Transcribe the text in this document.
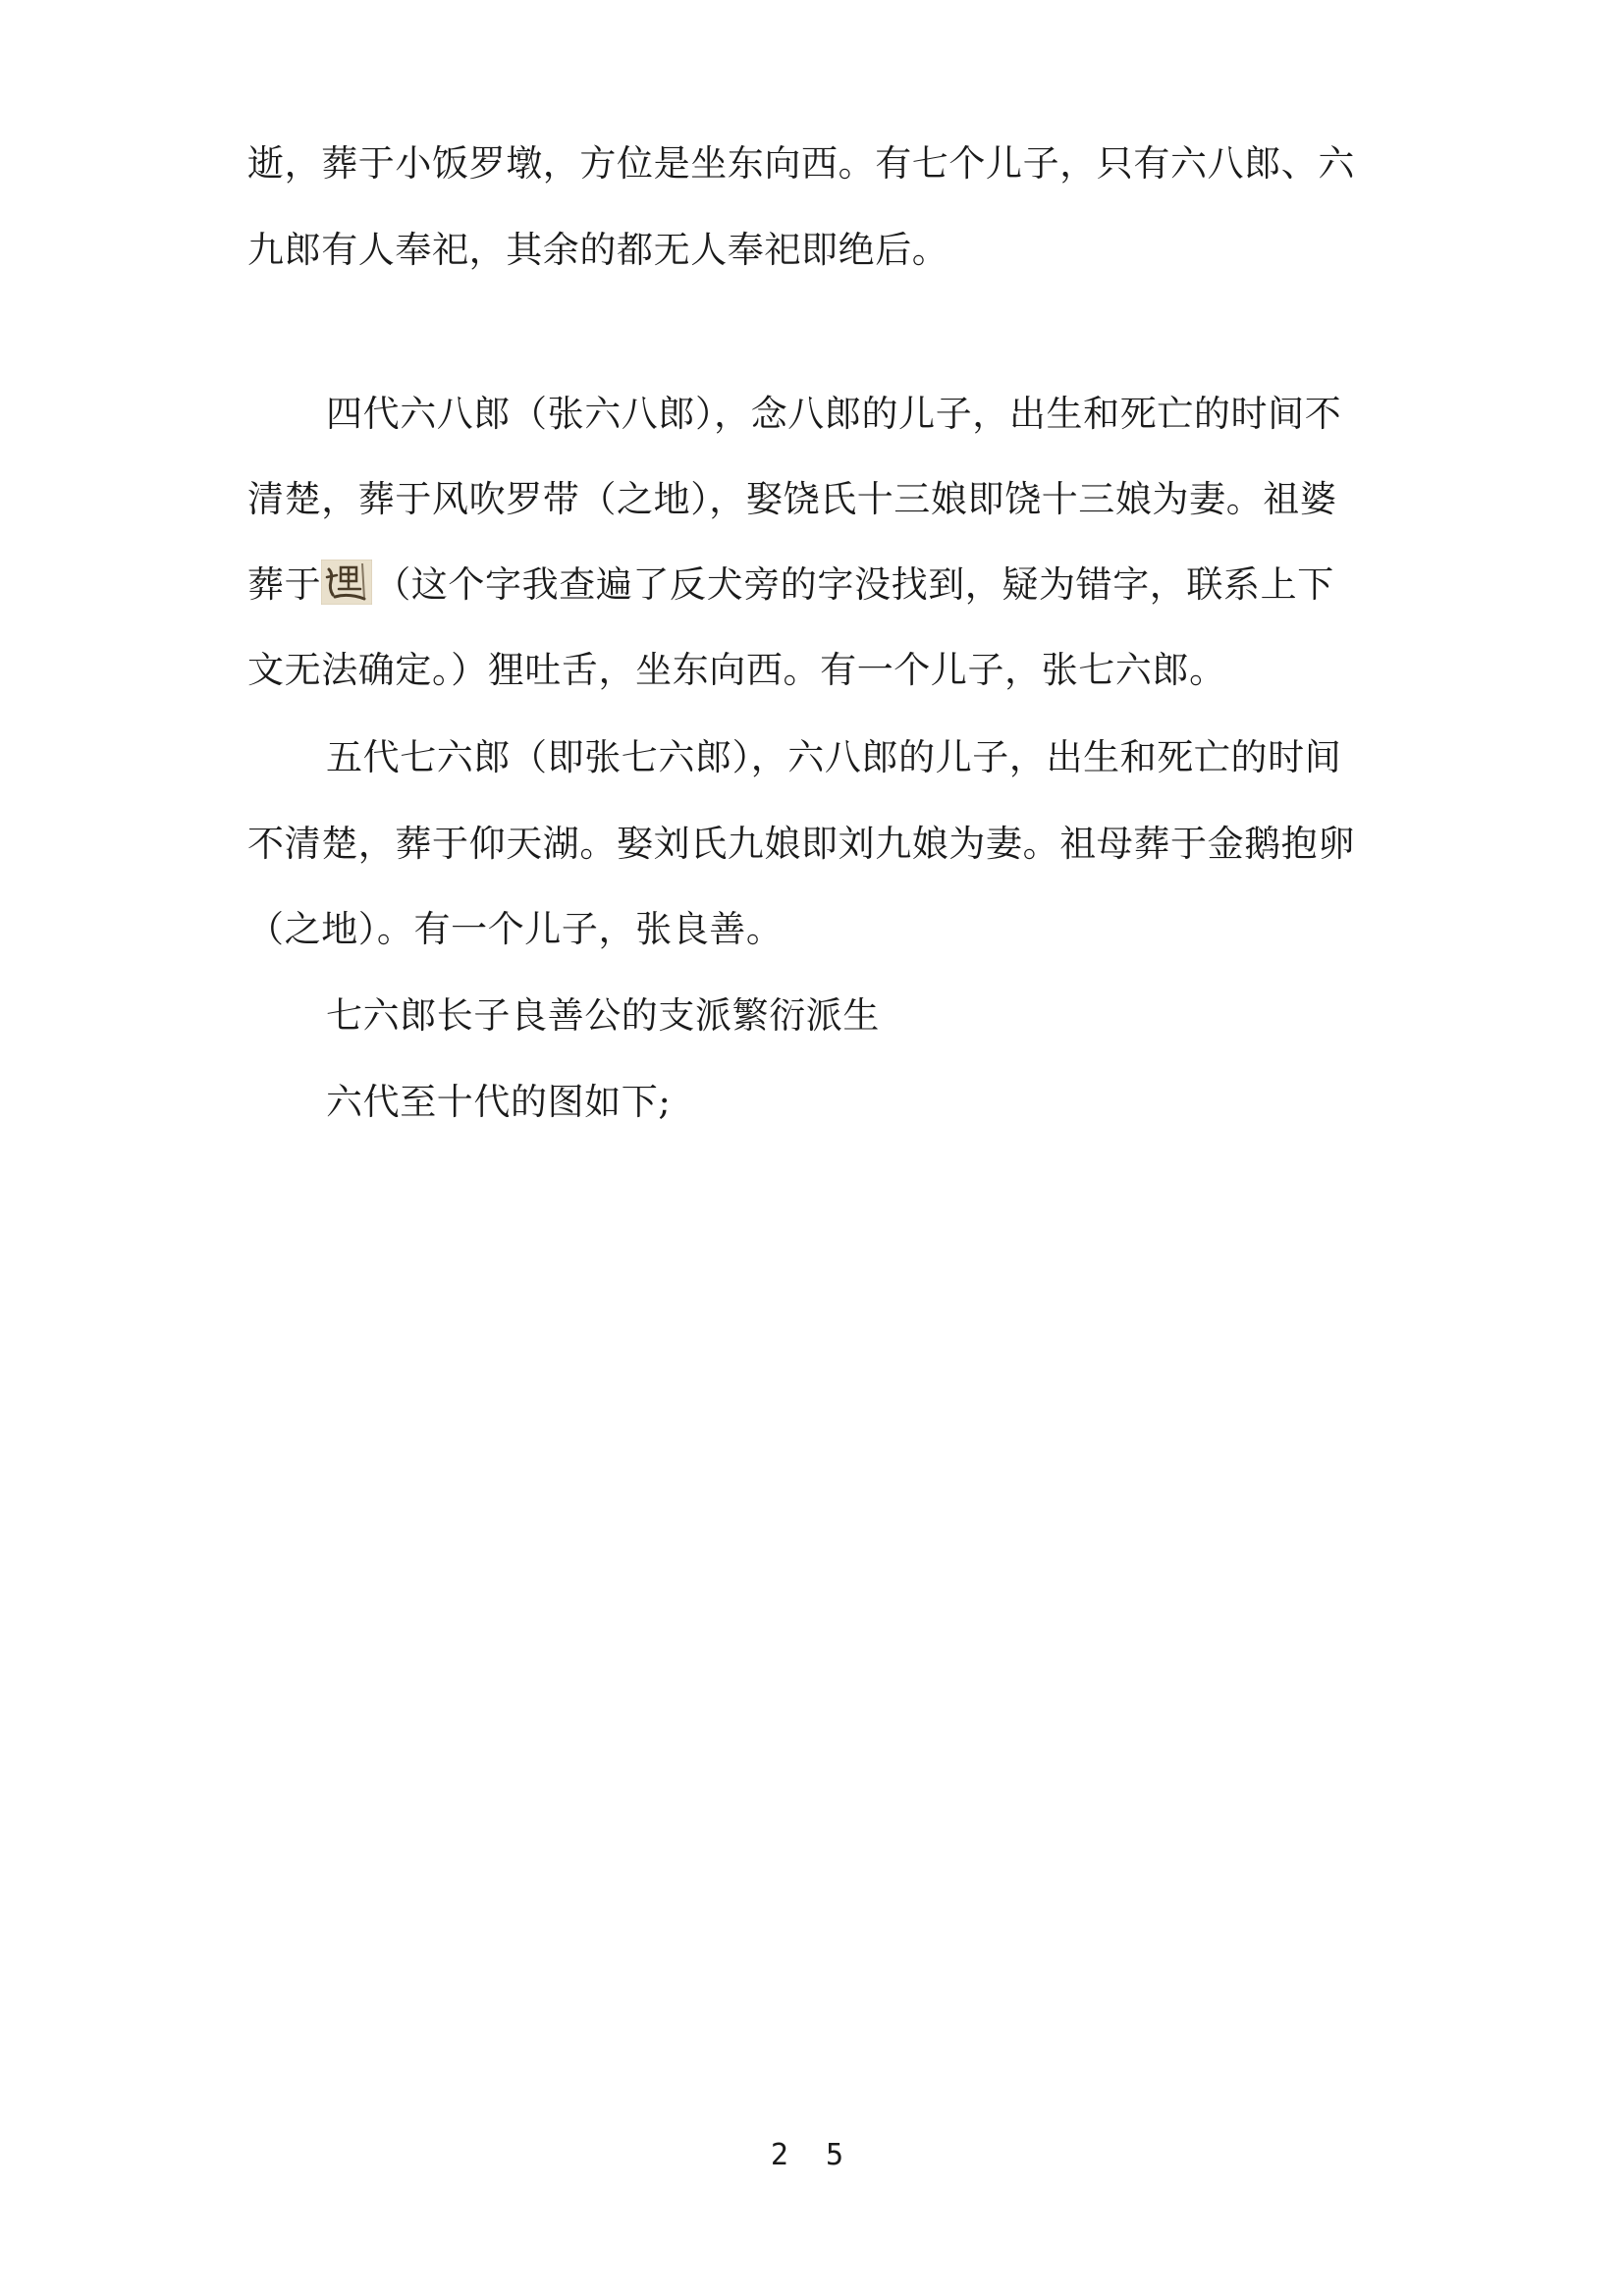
逝，葬于小饭罗墩，方位是坐东向西。有七个儿子，只有六八郎、六
九郎有人奉祀，其余的都无人奉祀即绝后。
四代六八郎（张六八郎），念八郎的儿子，出生和死亡的时间不
清楚，葬于风吹罗带（之地），娶饶氏十三娘即饶十三娘为妻。祖婆
葬于 （这个字我查遍了反犬旁的字没找到，疑为错字，联系上下
文无法确定。）狸吐舌，坐东向西。有一个儿子，张七六郎。
五代七六郎（即张七六郎），六八郎的儿子，出生和死亡的时间
不清楚，葬于仰天湖。娶刘氏九娘即刘九娘为妻。祖母葬于金鹅抱卵
（之地）。有一个儿子，张良善。
七六郎长子良善公的支派繁衍派生
六代至十代的图如下;
2 5
